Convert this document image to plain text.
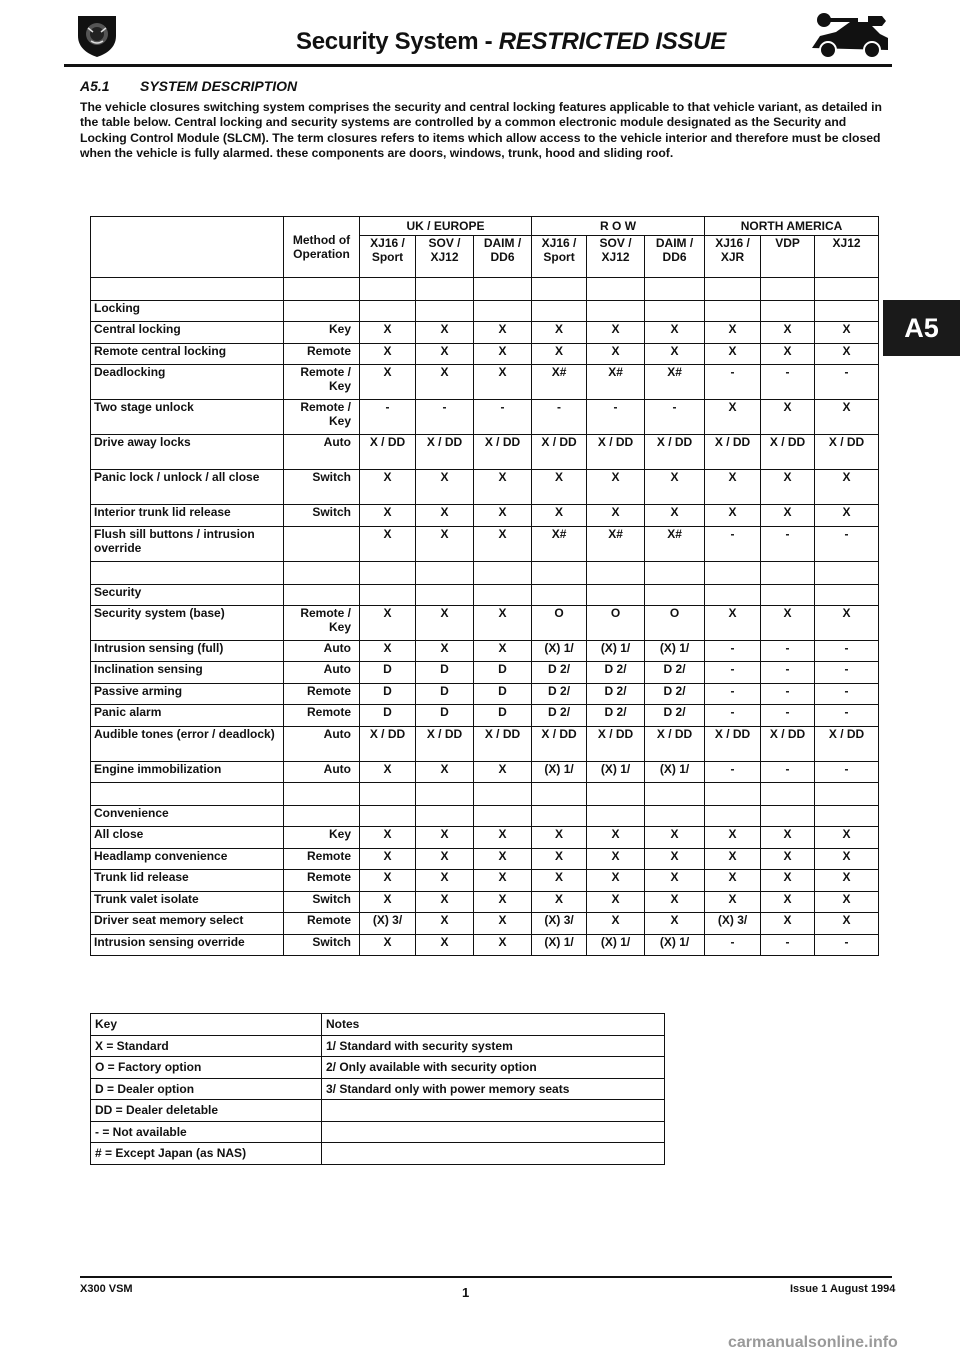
Security System - RESTRICTED ISSUE
A5.1 SYSTEM DESCRIPTION
The vehicle closures switching system comprises the security and central locking features applicable to that vehicle variant, as detailed in the table below. Central locking and security systems are controlled by a common electronic module designated as the Security and Locking Control Module (SLCM). The term closures refers to items which allow access to the vehicle interior and therefore must be closed when the vehicle is fully alarmed. these components are doors, windows, trunk, hood and sliding roof.
A5
	Method of Operation	UK / EUROPE			R O W			NORTH AMERICA		
		XJ16 / Sport	SOV / XJ12	DAIM / DD6	XJ16 / Sport	SOV / XJ12	DAIM / DD6	XJ16 / XJR	VDP	XJ12

Locking										
Central locking	Key	X	X	X	X	X	X	X	X	X
Remote central locking	Remote	X	X	X	X	X	X	X	X	X
Deadlocking	Remote / Key	X	X	X	X#	X#	X#	-	-	-
Two stage unlock	Remote / Key	-	-	-	-	-	-	X	X	X
Drive away locks	Auto	X / DD	X / DD	X / DD	X / DD	X / DD	X / DD	X / DD	X / DD	X / DD
Panic lock / unlock / all close	Switch	X	X	X	X	X	X	X	X	X
Interior trunk lid release	Switch	X	X	X	X	X	X	X	X	X
Flush sill buttons / intrusion override		X	X	X	X#	X#	X#	-	-	-

Security										
Security system (base)	Remote / Key	X	X	X	O	O	O	X	X	X
Intrusion sensing (full)	Auto	X	X	X	(X) 1/	(X) 1/	(X) 1/	-	-	-
Inclination sensing	Auto	D	D	D	D 2/	D 2/	D 2/	-	-	-
Passive arming	Remote	D	D	D	D 2/	D 2/	D 2/	-	-	-
Panic alarm	Remote	D	D	D	D 2/	D 2/	D 2/	-	-	-
Audible tones (error / deadlock)	Auto	X / DD	X / DD	X / DD	X / DD	X / DD	X / DD	X / DD	X / DD	X / DD
Engine immobilization	Auto	X	X	X	(X) 1/	(X) 1/	(X) 1/	-	-	-

Convenience										
All close	Key	X	X	X	X	X	X	X	X	X
Headlamp convenience	Remote	X	X	X	X	X	X	X	X	X
Trunk lid release	Remote	X	X	X	X	X	X	X	X	X
Trunk valet isolate	Switch	X	X	X	X	X	X	X	X	X
Driver seat memory select	Remote	(X) 3/	X	X	(X) 3/	X	X	(X) 3/	X	X
Intrusion sensing override	Switch	X	X	X	(X) 1/	(X) 1/	(X) 1/	-	-	-
Key	Notes
X = Standard	1/ Standard with security system
O = Factory option	2/ Only available with security option
D = Dealer option	3/ Standard only with power memory seats
DD = Dealer deletable	
- = Not available	
# = Except Japan (as NAS)	
X300 VSM	1	Issue 1 August 1994
carmanualsonline.info
